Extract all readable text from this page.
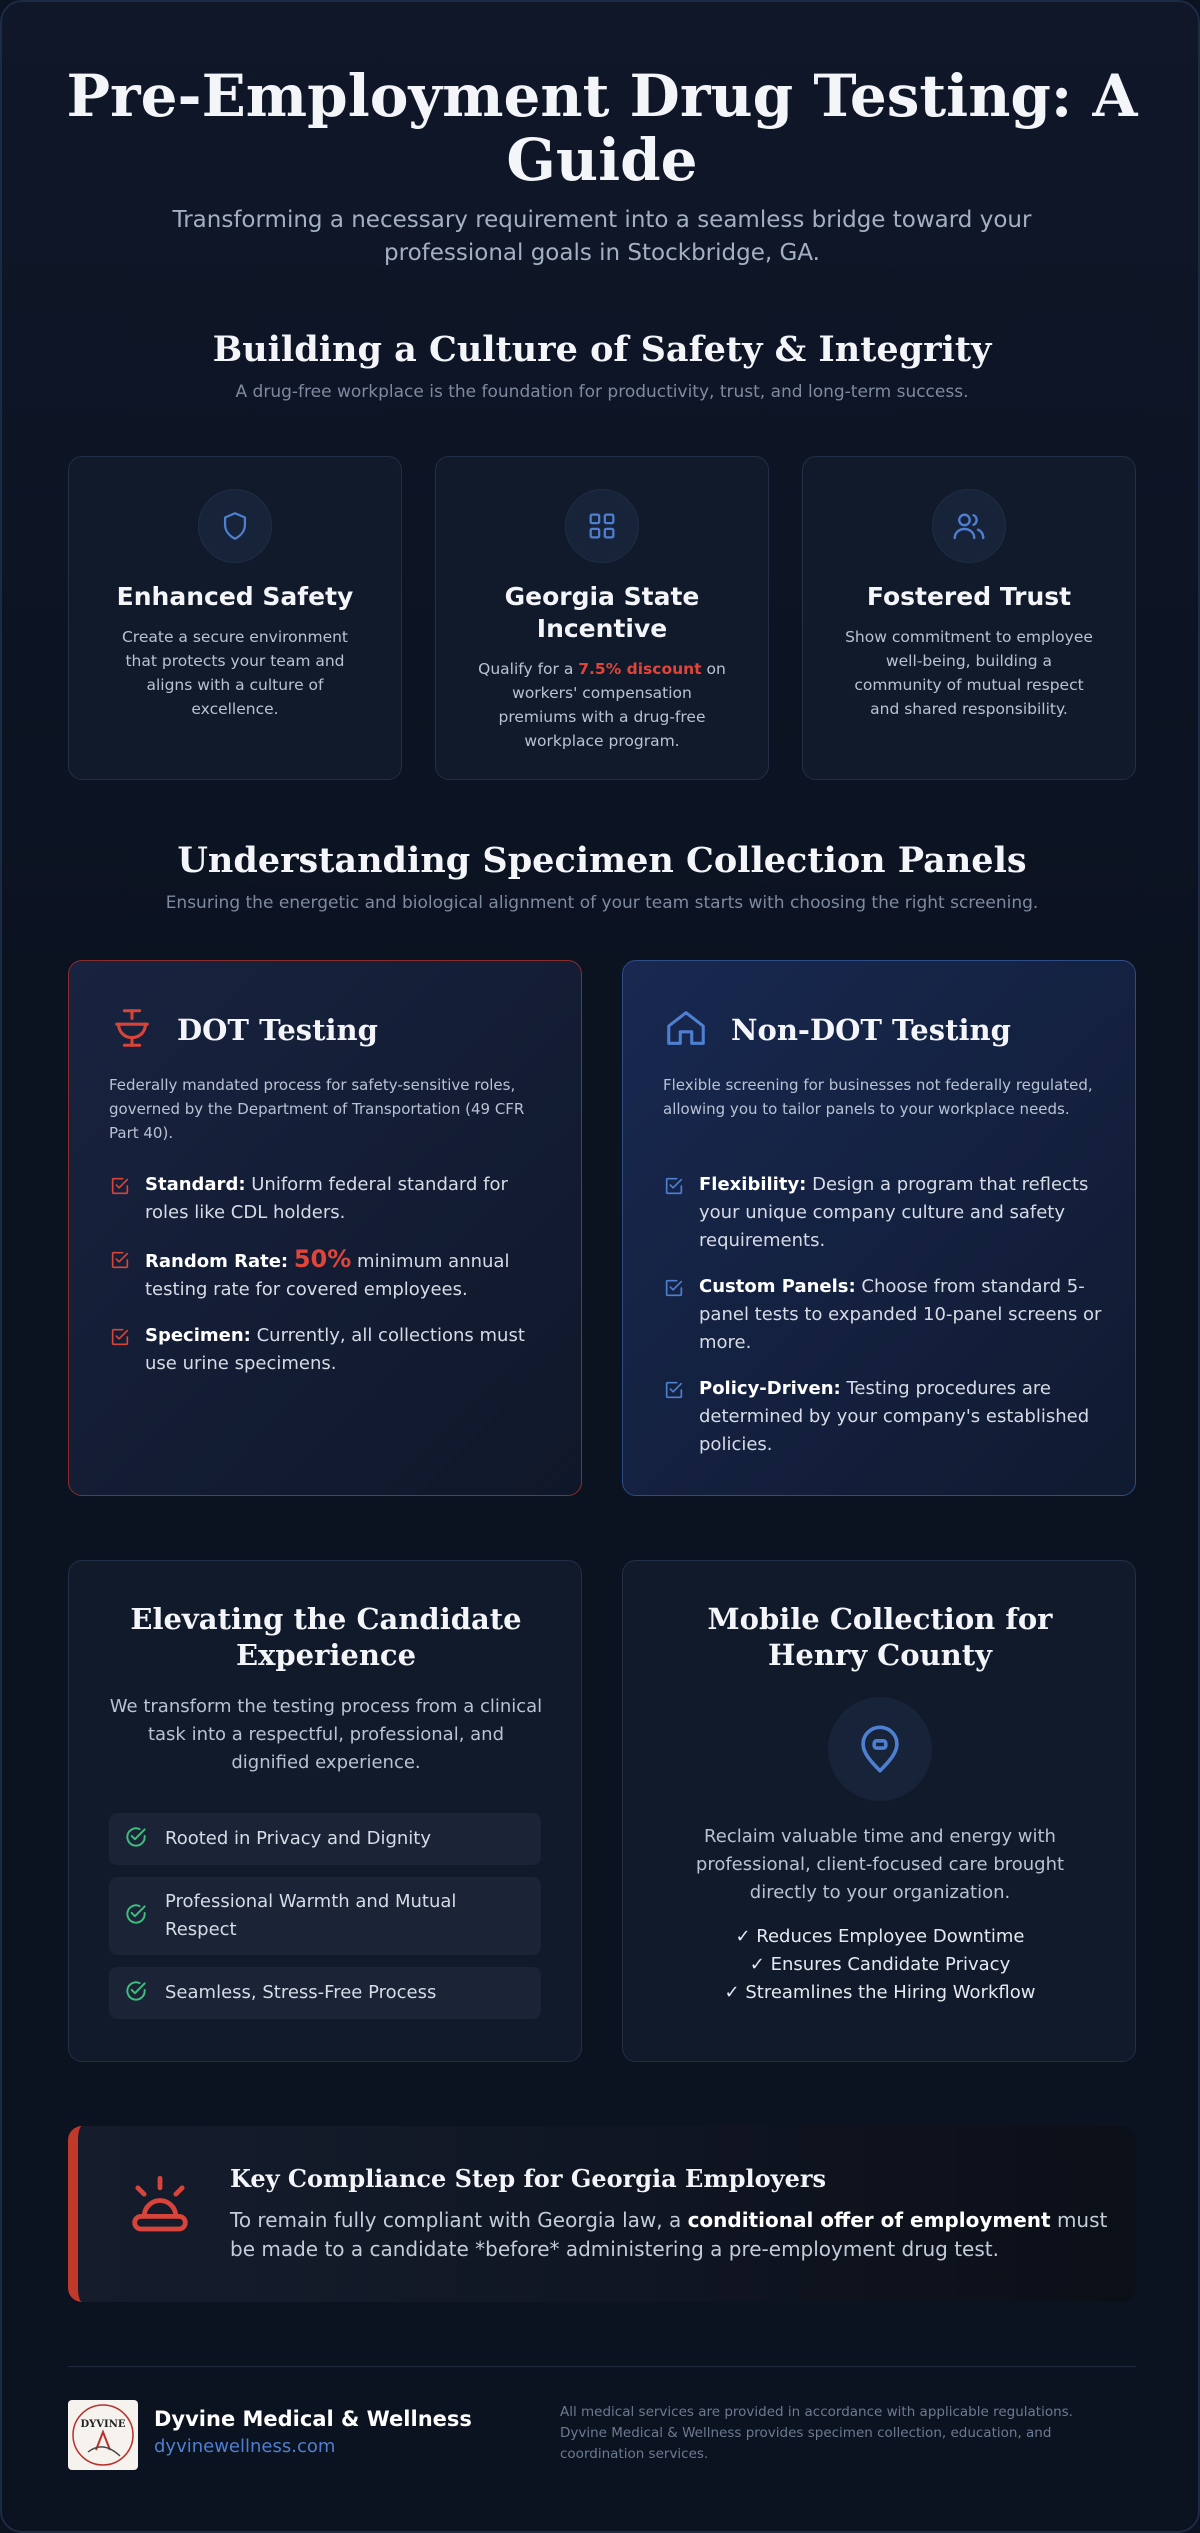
Pre-Employment Drug Testing: A Guide

Transforming a necessary requirement into a seamless bridge toward your professional goals in Stockbridge, GA.

Building a Culture of Safety & Integrity

A drug-free workplace is the foundation for productivity, trust, and long-term success.

Enhanced Safety
Create a secure environment that protects your team and aligns with a culture of excellence.
Georgia State Incentive
Qualify for a 7.5% discount on workers' compensation premiums with a drug-free workplace program.
Fostered Trust
Show commitment to employee well-being, building a community of mutual respect and shared responsibility.
Understanding Specimen Collection Panels

Ensuring the energetic and biological alignment of your team starts with choosing the right screening.

DOT Testing

Federally mandated process for safety-sensitive roles, governed by the Department of Transportation (49 CFR Part 40).

Standard: Uniform federal standard for roles like CDL holders.
Random Rate: 50% minimum annual testing rate for covered employees.
Specimen: Currently, all collections must use urine specimens.
Non-DOT Testing

Flexible screening for businesses not federally regulated, allowing you to tailor panels to your workplace needs.

Flexibility: Design a program that reflects your unique company culture and safety requirements.
Custom Panels: Choose from standard 5-panel tests to expanded 10-panel screens or more.
Policy-Driven: Testing procedures are determined by your company's established policies.
Elevating the Candidate Experience

We transform the testing process from a clinical task into a respectful, professional, and dignified experience.

Rooted in Privacy and Dignity
Professional Warmth and Mutual Respect
Seamless, Stress-Free Process
Mobile Collection for Henry County

Reclaim valuable time and energy with professional, client-focused care brought directly to your organization.

✓ Reduces Employee Downtime
✓ Ensures Candidate Privacy
✓ Streamlines the Hiring Workflow
Key Compliance Step for Georgia Employers

To remain fully compliant with Georgia law, a conditional offer of employment must be made to a candidate *before* administering a pre-employment drug test.

DYVINE Dyvine Medical & Wellness
dyvinewellness.com

All medical services are provided in accordance with applicable regulations. Dyvine Medical & Wellness provides specimen collection, education, and coordination services.
